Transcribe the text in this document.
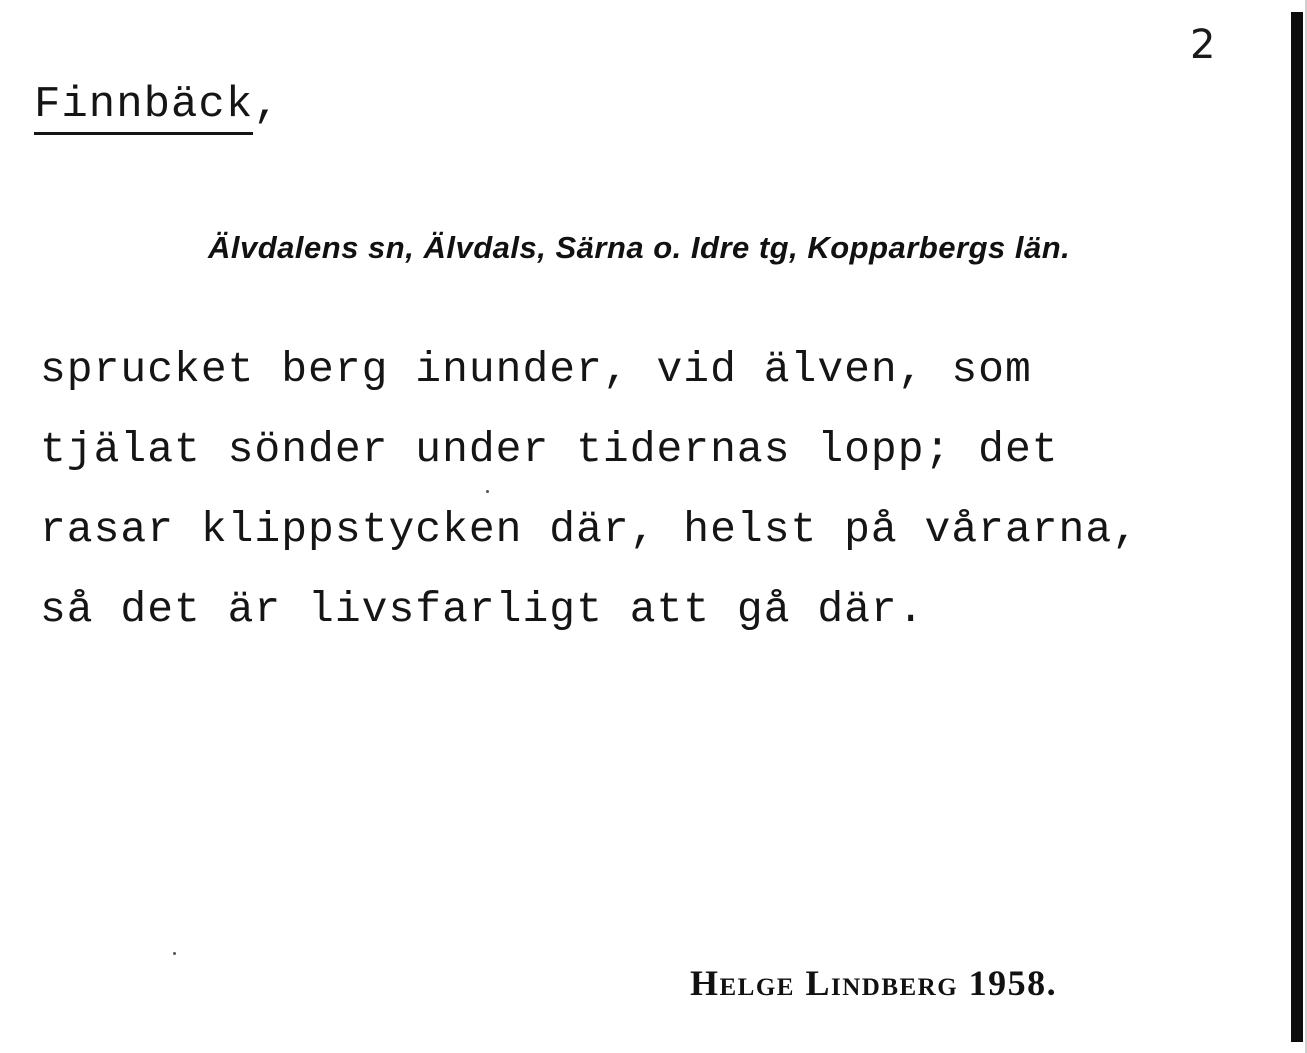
2
Finnbäck,
Älvdalens sn, Älvdals, Särna o. Idre tg, Kopparbergs län.
sprucket berg inunder, vid älven, som
tjälat sönder under tidernas lopp; det
rasar klippstycken där, helst på vårarna,
så det är livsfarligt att gå där.
Helge Lindberg 1958.
